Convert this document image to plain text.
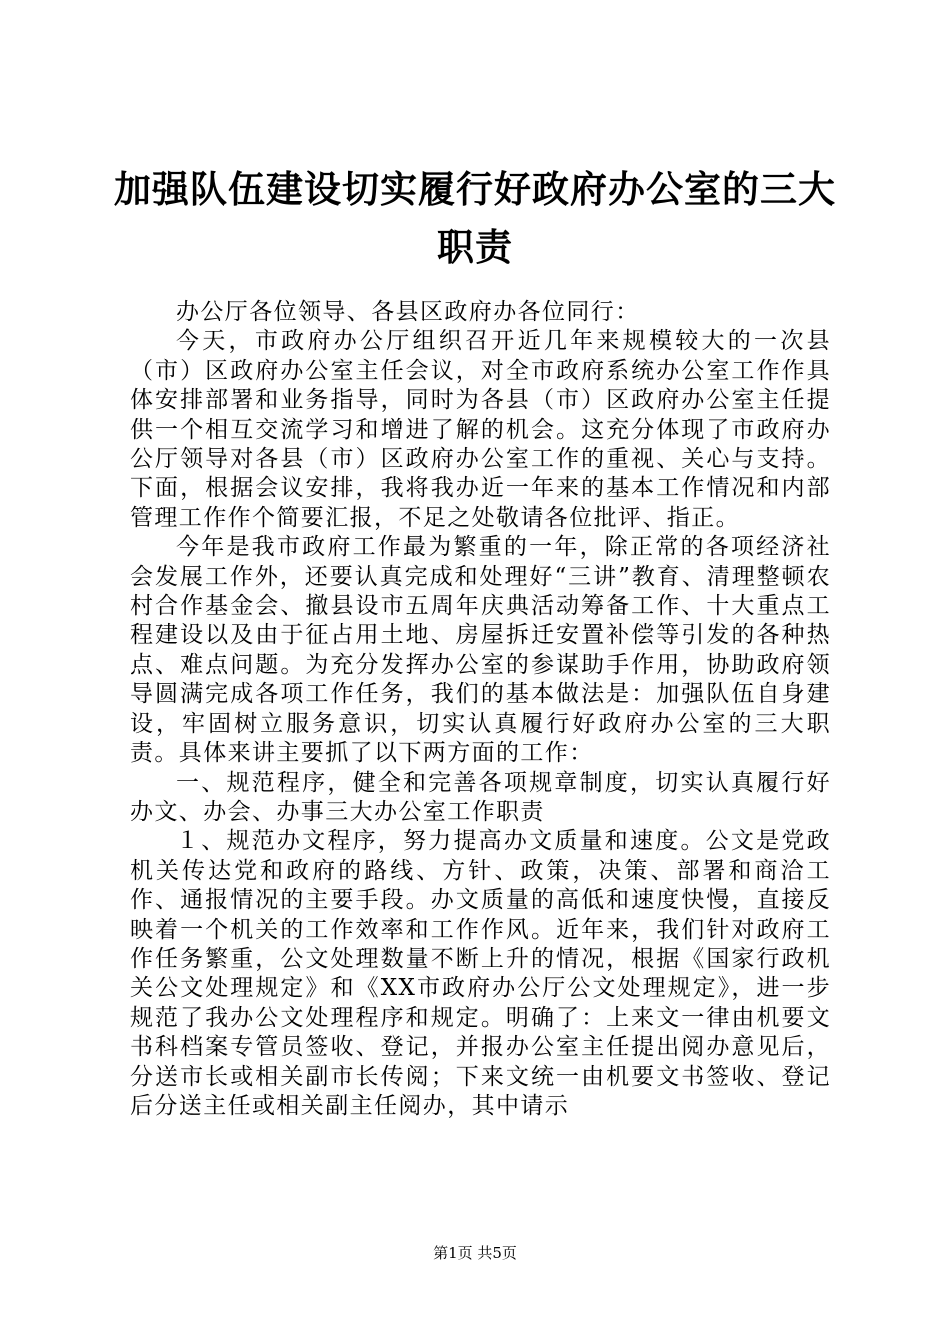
加强队伍建设切实履行好政府办公室的三大职责

办公厅各位领导、各县区政府办各位同行：

今天，市政府办公厅组织召开近几年来规模较大的一次县（市）区政府办公室主任会议，对全市政府系统办公室工作作具体安排部署和业务指导，同时为各县（市）区政府办公室主任提供一个相互交流学习和增进了解的机会。这充分体现了市政府办公厅领导对各县（市）区政府办公室工作的重视、关心与支持。下面，根据会议安排，我将我办近一年来的基本工作情况和内部管理工作作个简要汇报，不足之处敬请各位批评、指正。

今年是我市政府工作最为繁重的一年，除正常的各项经济社会发展工作外，还要认真完成和处理好“三讲”教育、清理整顿农村合作基金会、撤县设市五周年庆典活动筹备工作、十大重点工程建设以及由于征占用土地、房屋拆迁安置补偿等引发的各种热点、难点问题。为充分发挥办公室的参谋助手作用，协助政府领导圆满完成各项工作任务，我们的基本做法是：加强队伍自身建设，牢固树立服务意识，切实认真履行好政府办公室的三大职责。具体来讲主要抓了以下两方面的工作：

一、规范程序，健全和完善各项规章制度，切实认真履行好办文、办会、办事三大办公室工作职责

１、规范办文程序，努力提高办文质量和速度。公文是党政机关传达党和政府的路线、方针、政策，决策、部署和商洽工作、通报情况的主要手段。办文质量的高低和速度快慢，直接反映着一个机关的工作效率和工作作风。近年来，我们针对政府工作任务繁重，公文处理数量不断上升的情况，根据《国家行政机关公文处理规定》和《XX市政府办公厅公文处理规定》，进一步规范了我办公文处理程序和规定。明确了：上来文一律由机要文书科档案专管员签收、登记，并报办公室主任提出阅办意见后，分送市长或相关副市长传阅；下来文统一由机要文书签收、登记后分送主任或相关副主任阅办，其中请示

第1页 共5页
